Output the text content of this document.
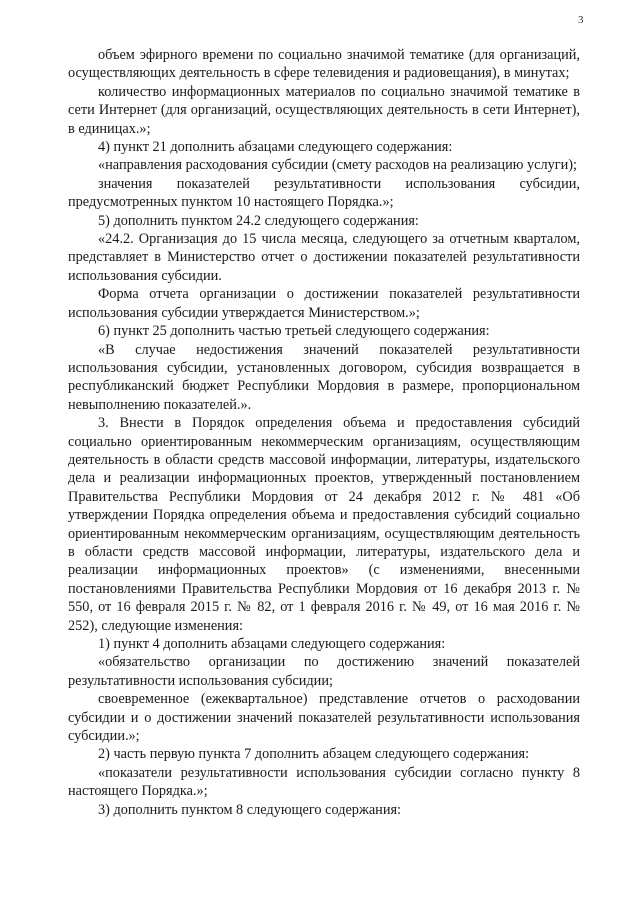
3

объем эфирного времени по социально значимой тематике (для организаций, осуществляющих деятельность в сфере телевидения и радиовещания), в минутах;

количество информационных материалов по социально значимой тематике в сети Интернет (для организаций, осуществляющих деятельность в сети Интернет), в единицах.»;

4) пункт 21 дополнить абзацами следующего содержания:

«направления расходования субсидии (смету расходов на реализацию услуги);

значения показателей результативности использования субсидии, предусмотренных пунктом 10 настоящего Порядка.»;

5) дополнить пунктом 24.2 следующего содержания:

«24.2. Организация до 15 числа месяца, следующего за отчетным кварталом, представляет в Министерство отчет о достижении показателей результативности использования субсидии.

Форма отчета организации о достижении показателей результативности использования субсидии утверждается Министерством.»;

6) пункт 25 дополнить частью третьей следующего содержания:

«В случае недостижения значений показателей результативности использования субсидии, установленных договором, субсидия возвращается в республиканский бюджет Республики Мордовия в размере, пропорциональном невыполнению показателей.».

3. Внести в Порядок определения объема и предоставления субсидий социально ориентированным некоммерческим организациям, осуществляющим деятельность в области средств массовой информации, литературы, издательского дела и реализации информационных проектов, утвержденный постановлением Правительства Республики Мордовия от 24 декабря 2012 г. № 481 «Об утверждении Порядка определения объема и предоставления субсидий социально ориентированным некоммерческим организациям, осуществляющим деятельность в области средств массовой информации, литературы, издательского дела и реализации информационных проектов» (с изменениями, внесенными постановлениями Правительства Республики Мордовия от 16 декабря 2013 г. № 550, от 16 февраля 2015 г. № 82, от 1 февраля 2016 г. № 49, от 16 мая 2016 г. № 252), следующие изменения:

1) пункт 4 дополнить абзацами следующего содержания:

«обязательство организации по достижению значений показателей результативности использования субсидии;

своевременное (ежеквартальное) представление отчетов о расходовании субсидии и о достижении значений показателей результативности использования субсидии.»;

2) часть первую пункта 7 дополнить абзацем следующего содержания:

«показатели результативности использования субсидии согласно пункту 8 настоящего Порядка.»;

3) дополнить пунктом 8 следующего содержания:
